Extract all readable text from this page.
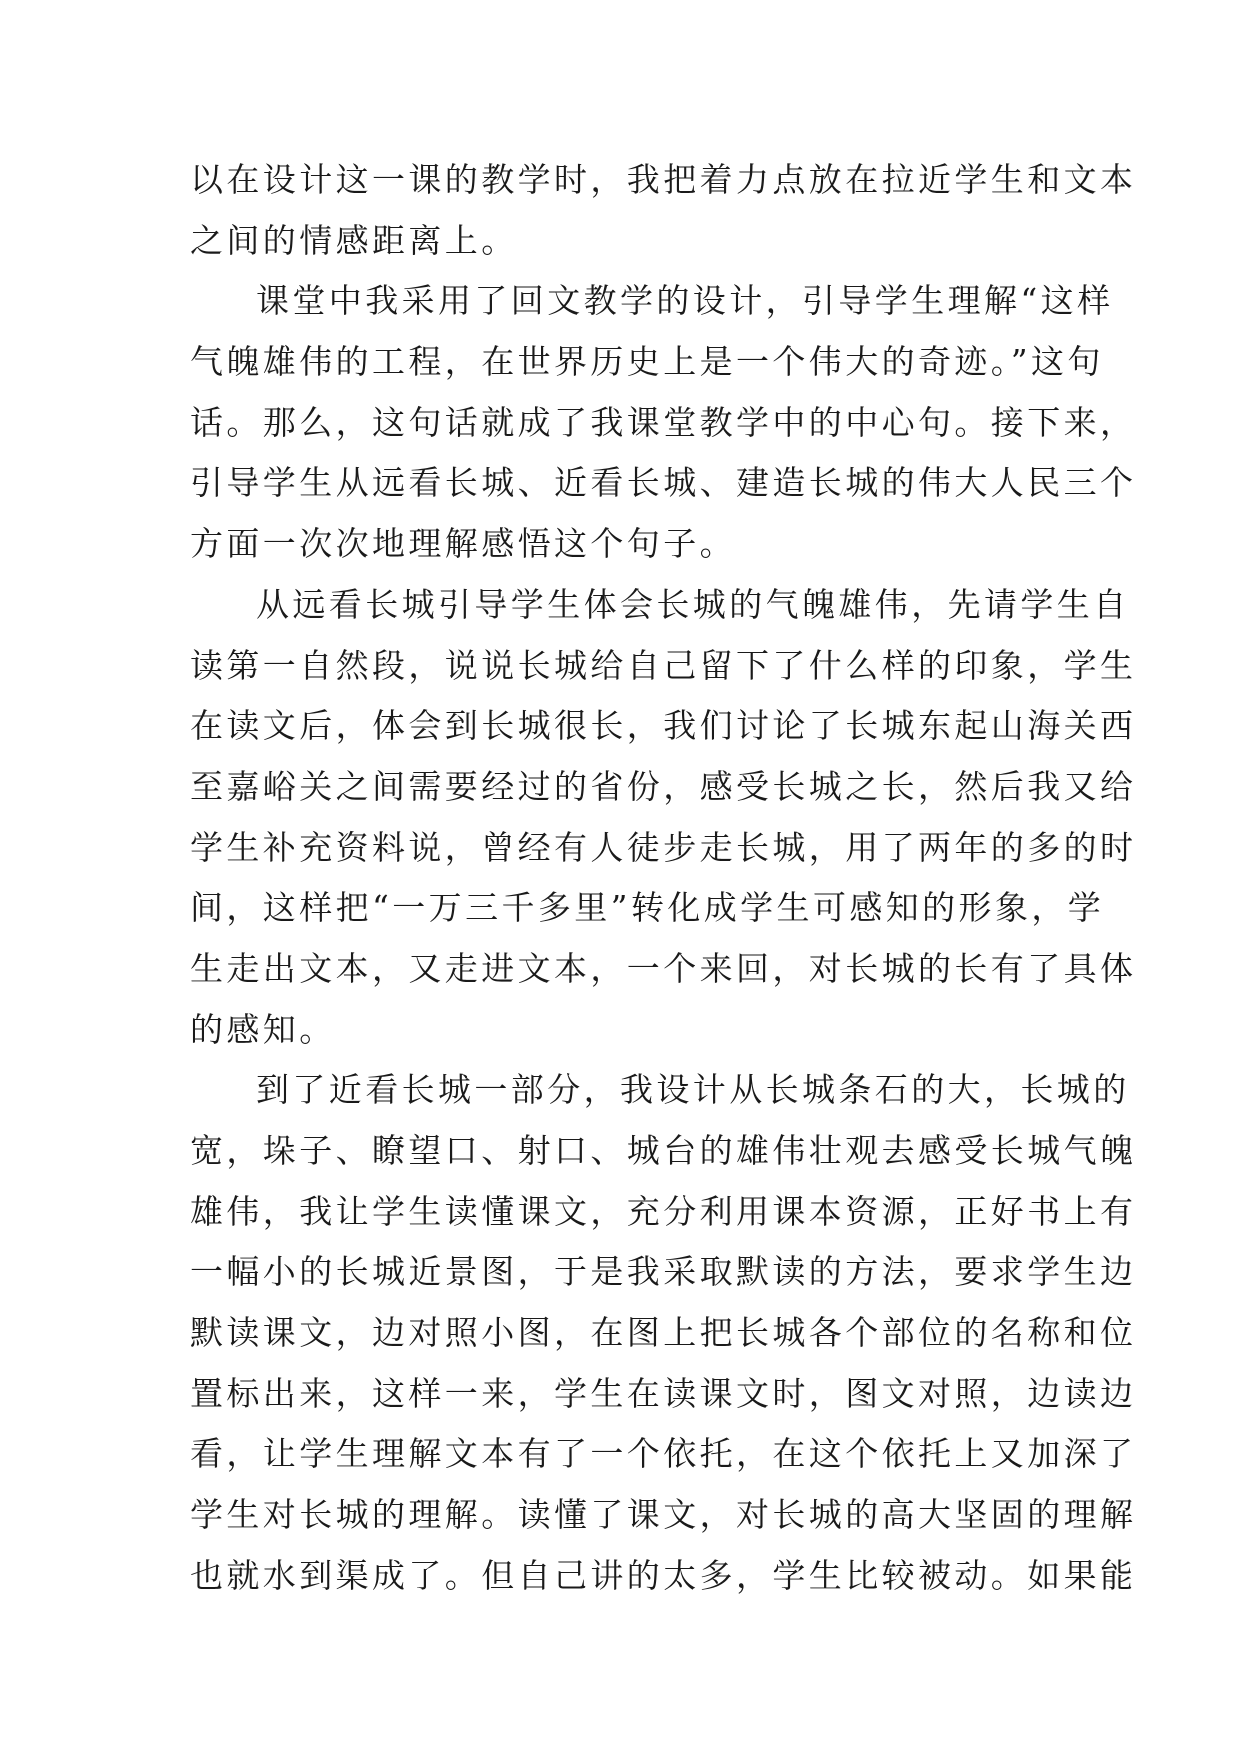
以在设计这一课的教学时，我把着力点放在拉近学生和文本
之间的情感距离上。
课堂中我采用了回文教学的设计，引导学生理解“这样
气魄雄伟的工程，在世界历史上是一个伟大的奇迹。”这句
话。那么，这句话就成了我课堂教学中的中心句。接下来，
引导学生从远看长城、近看长城、建造长城的伟大人民三个
方面一次次地理解感悟这个句子。
从远看长城引导学生体会长城的气魄雄伟，先请学生自
读第一自然段，说说长城给自己留下了什么样的印象，学生
在读文后，体会到长城很长，我们讨论了长城东起山海关西
至嘉峪关之间需要经过的省份，感受长城之长，然后我又给
学生补充资料说，曾经有人徒步走长城，用了两年的多的时
间，这样把“一万三千多里”转化成学生可感知的形象，学
生走出文本，又走进文本，一个来回，对长城的长有了具体
的感知。
到了近看长城一部分，我设计从长城条石的大，长城的
宽，垛子、瞭望口、射口、城台的雄伟壮观去感受长城气魄
雄伟，我让学生读懂课文，充分利用课本资源，正好书上有
一幅小的长城近景图，于是我采取默读的方法，要求学生边
默读课文，边对照小图，在图上把长城各个部位的名称和位
置标出来，这样一来，学生在读课文时，图文对照，边读边
看，让学生理解文本有了一个依托，在这个依托上又加深了
学生对长城的理解。读懂了课文，对长城的高大坚固的理解
也就水到渠成了。但自己讲的太多，学生比较被动。如果能
